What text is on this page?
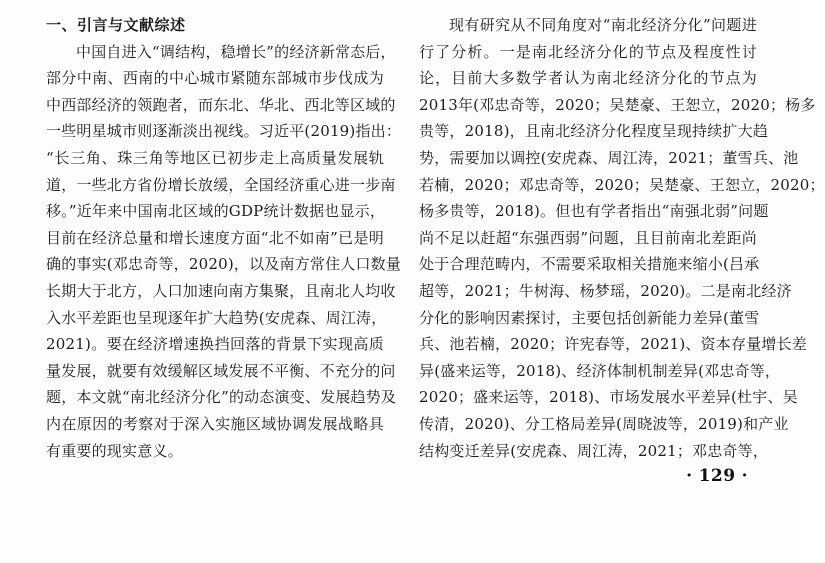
一、引言与文献综述
中国自进入“调结构，稳增长”的经济新常态后，
部分中南、西南的中心城市紧随东部城市步伐成为
中西部经济的领跑者，而东北、华北、西北等区域的
一些明星城市则逐渐淡出视线。习近平(2019)指出：
“长三角、珠三角等地区已初步走上高质量发展轨
道，一些北方省份增长放缓，全国经济重心进一步南
移。”近年来中国南北区域的GDP统计数据也显示，
目前在经济总量和增长速度方面“北不如南”已是明
确的事实(邓忠奇等，2020)，以及南方常住人口数量
长期大于北方，人口加速向南方集聚，且南北人均收
入水平差距也呈现逐年扩大趋势(安虎森、周江涛，
2021)。要在经济增速换挡回落的背景下实现高质
量发展，就要有效缓解区域发展不平衡、不充分的问
题，本文就“南北经济分化”的动态演变、发展趋势及
内在原因的考察对于深入实施区域协调发展战略具
有重要的现实意义。
现有研究从不同角度对“南北经济分化”问题进
行了分析。一是南北经济分化的节点及程度性讨
论，目前大多数学者认为南北经济分化的节点为
2013年(邓忠奇等，2020；吴楚豪、王恕立，2020；杨多
贵等，2018)，且南北经济分化程度呈现持续扩大趋
势，需要加以调控(安虎森、周江涛，2021；董雪兵、池
若楠，2020；邓忠奇等，2020；吴楚豪、王恕立，2020；
杨多贵等，2018)。但也有学者指出“南强北弱”问题
尚不足以赶超“东强西弱”问题，且目前南北差距尚
处于合理范畴内，不需要采取相关措施来缩小(吕承
超等，2021；牛树海、杨梦瑶，2020)。二是南北经济
分化的影响因素探讨，主要包括创新能力差异(董雪
兵、池若楠，2020；许宪春等，2021)、资本存量增长差
异(盛来运等，2018)、经济体制机制差异(邓忠奇等，
2020；盛来运等，2018)、市场发展水平差异(杜宇、吴
传清，2020)、分工格局差异(周晓波等，2019)和产业
结构变迁差异(安虎森、周江涛，2021；邓忠奇等，
· 129 ·
